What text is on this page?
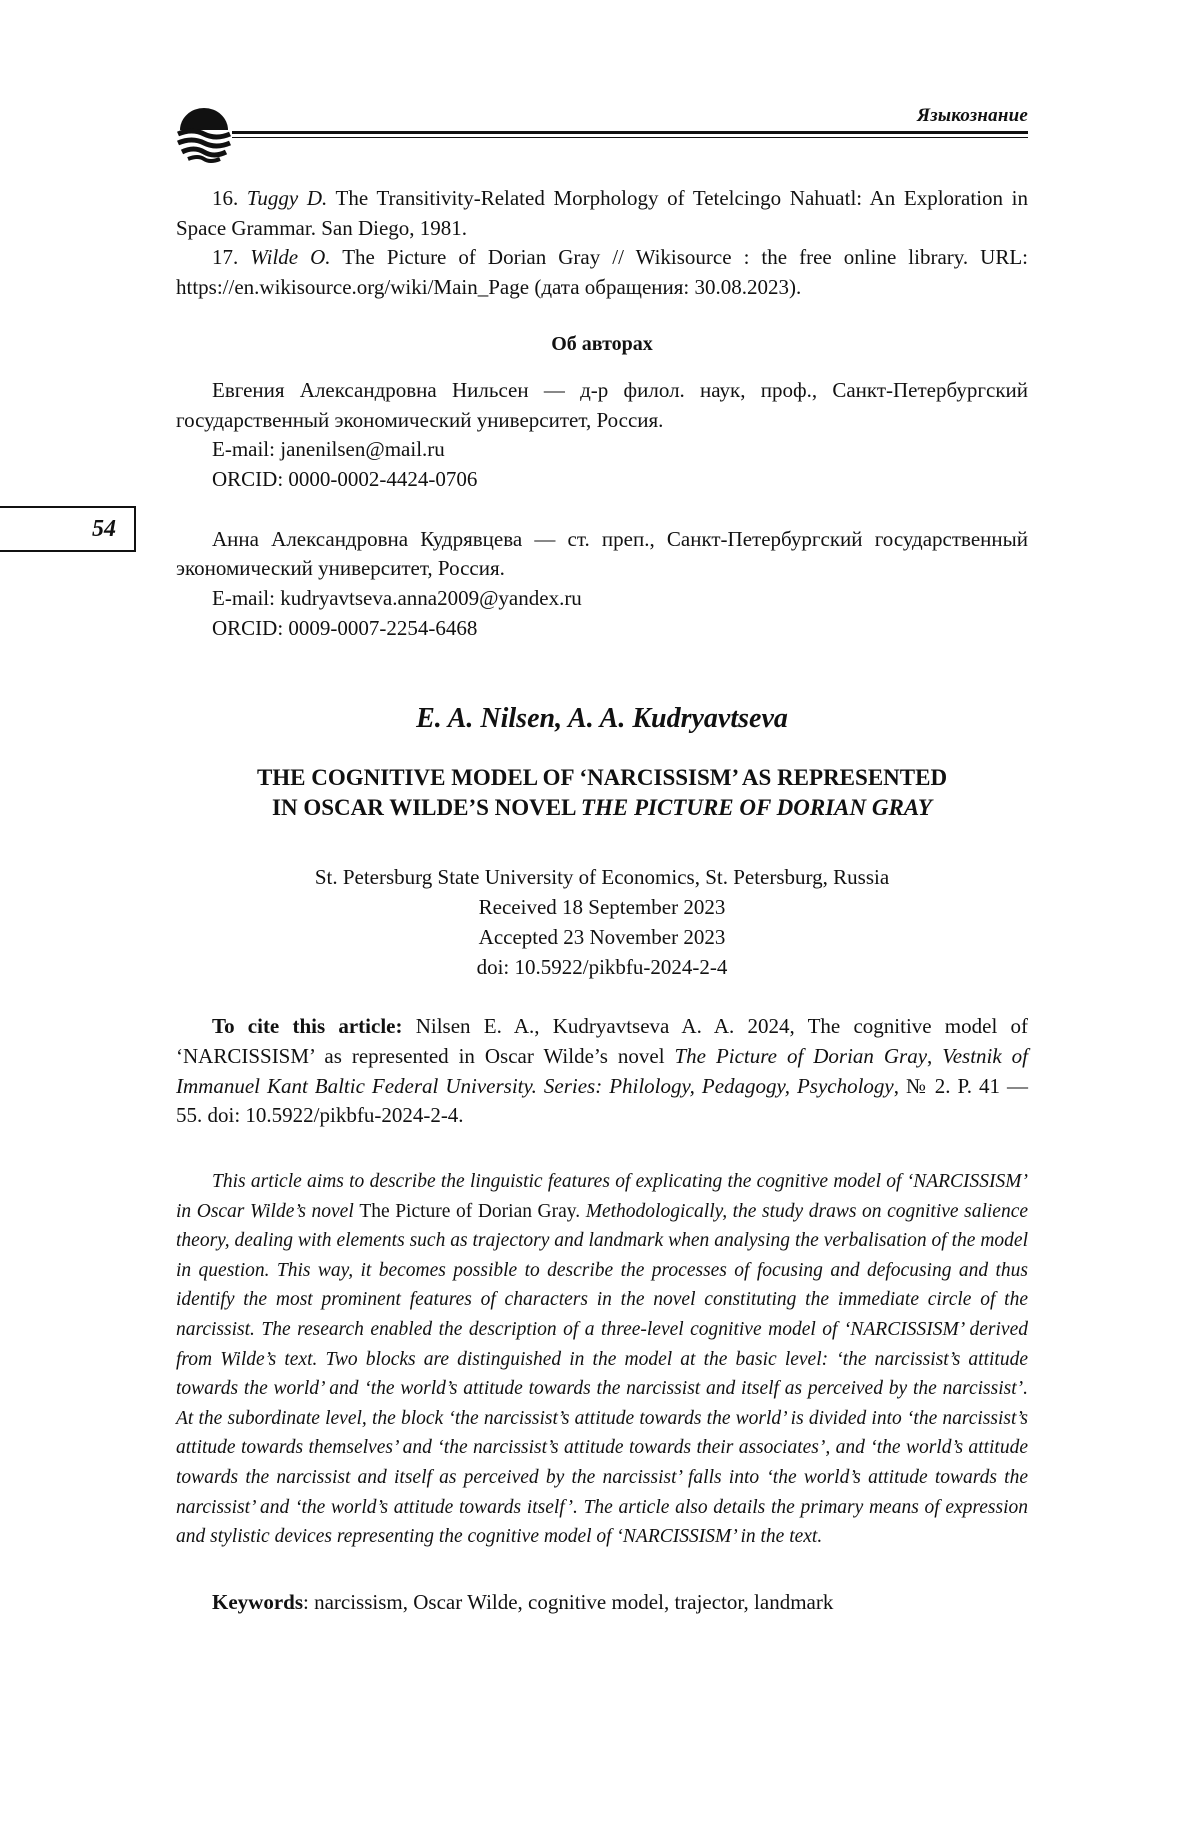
Языкознание
54

16. Tuggy D. The Transitivity-Related Morphology of Tetelcingo Nahuatl: An Exploration in Space Grammar. San Diego, 1981.

17. Wilde O. The Picture of Dorian Gray // Wikisource : the free online library. URL: https://en.wikisource.org/wiki/Main_Page (дата обращения: 30.08.2023).

Об авторах

Евгения Александровна Нильсен — д-р филол. наук, проф., Санкт-Петербургский государственный экономический университет, Россия.

E-mail: janenilsen@mail.ru

ORCID: 0000-0002-4424-0706

Анна Александровна Кудрявцева — ст. преп., Санкт-Петербургский государственный экономический университет, Россия.

E-mail: kudryavtseva.anna2009@yandex.ru

ORCID: 0009-0007-2254-6468

E. A. Nilsen, A. A. Kudryavtseva
THE COGNITIVE MODEL OF ‘NARCISSISM’ AS REPRESENTED
IN OSCAR WILDE’S NOVEL THE PICTURE OF DORIAN GRAY

St. Petersburg State University of Economics, St. Petersburg, Russia

Received 18 September 2023

Accepted 23 November 2023

doi: 10.5922/pikbfu-2024-2-4

To cite this article: Nilsen E. A., Kudryavtseva A. A. 2024, The cognitive model of ‘NARCISSISM’ as represented in Oscar Wilde’s novel The Picture of Dorian Gray, Vestnik of Immanuel Kant Baltic Federal University. Series: Philology, Pedagogy, Psychology, № 2. P. 41 — 55. doi: 10.5922/pikbfu-2024-2-4.

This article aims to describe the linguistic features of explicating the cognitive model of ‘NARCISSISM’ in Oscar Wilde’s novel The Picture of Dorian Gray. Methodologically, the study draws on cognitive salience theory, dealing with elements such as trajectory and landmark when analysing the verbalisation of the model in question. This way, it becomes possible to describe the processes of focusing and defocusing and thus identify the most prominent features of characters in the novel constituting the immediate circle of the narcissist. The research enabled the description of a three-level cognitive model of ‘NARCISSISM’ derived from Wilde’s text. Two blocks are distinguished in the model at the basic level: ‘the narcissist’s attitude towards the world’ and ‘the world’s attitude towards the narcissist and itself as perceived by the narcissist’. At the subordinate level, the block ‘the narcissist’s attitude towards the world’ is divided into ‘the narcissist’s attitude towards themselves’ and ‘the narcissist’s attitude towards their associates’, and ‘the world’s attitude towards the narcissist and itself as perceived by the narcissist’ falls into ‘the world’s attitude towards the narcissist’ and ‘the world’s attitude towards itself’. The article also details the primary means of expression and stylistic devices representing the cognitive model of ‘NARCISSISM’ in the text.

Keywords: narcissism, Oscar Wilde, cognitive model, trajector, landmark
